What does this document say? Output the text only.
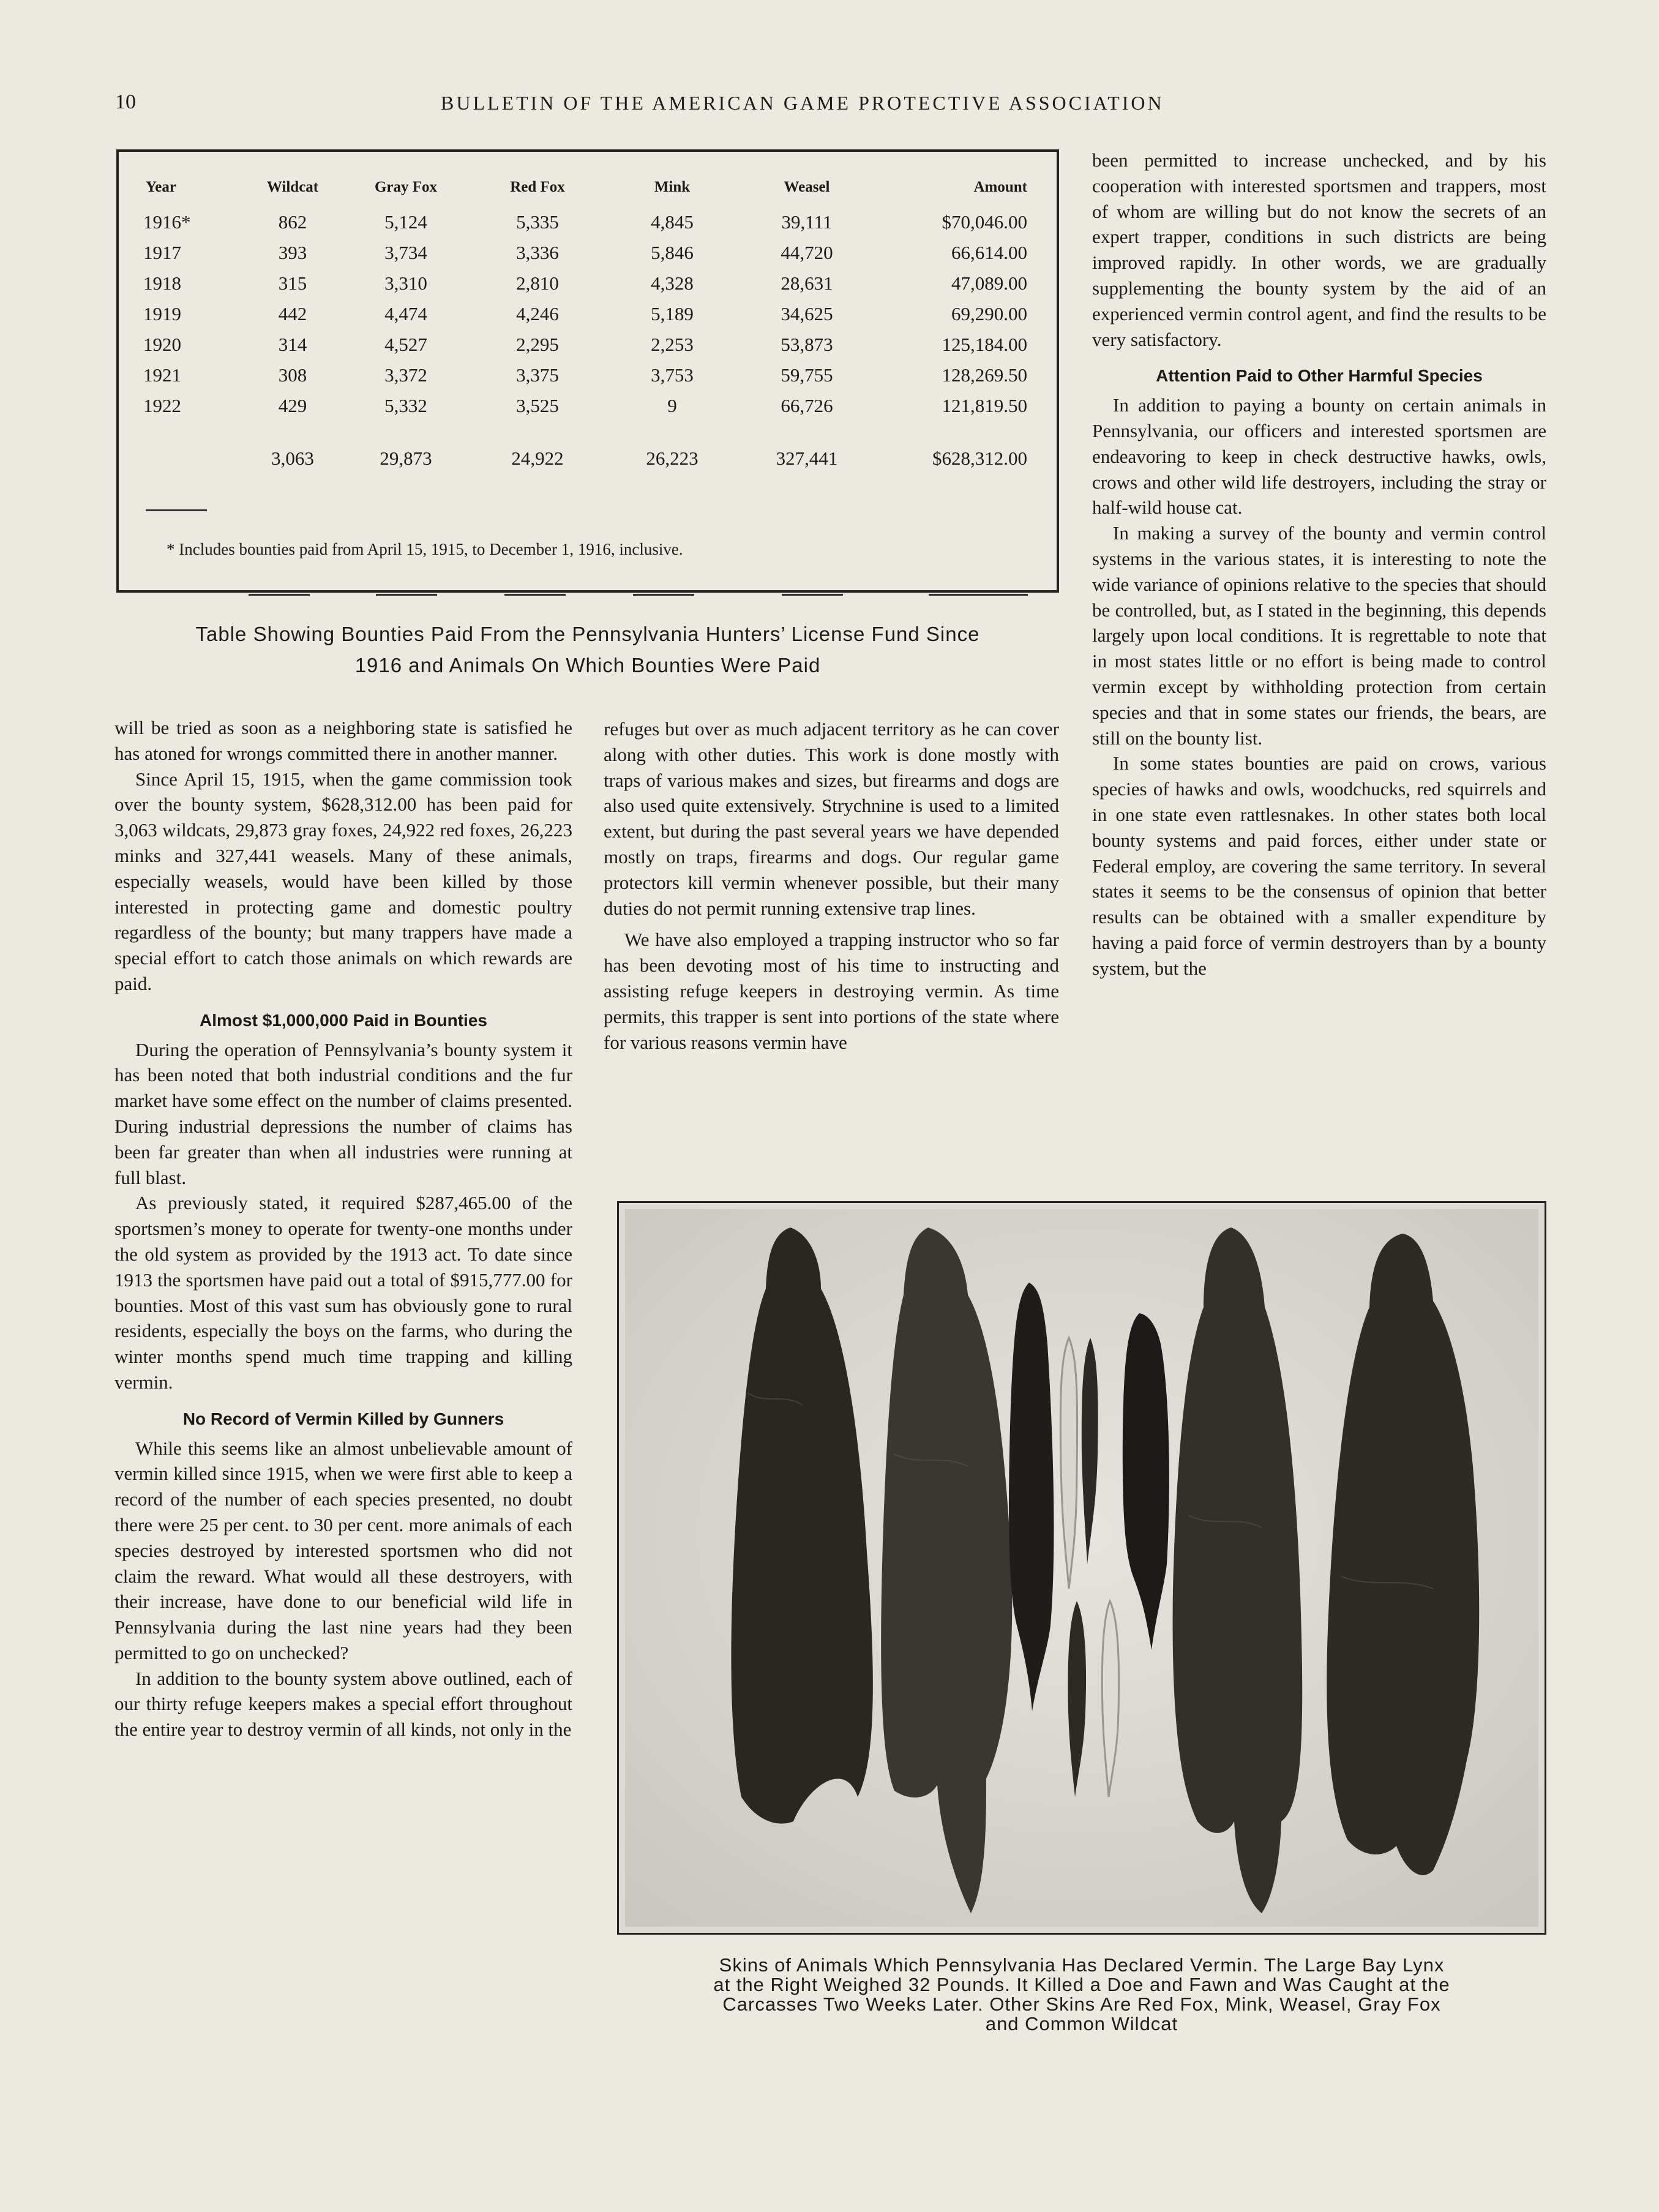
10	BULLETIN OF THE AMERICAN GAME PROTECTIVE ASSOCIATION
Year	Wildcat	Gray Fox	Red Fox	Mink	Weasel	Amount
1916*	862	5,124	5,335	4,845	39,111	$70,046.00
1917	393	3,734	3,336	5,846	44,720	66,614.00
1918	315	3,310	2,810	4,328	28,631	47,089.00
1919	442	4,474	4,246	5,189	34,625	69,290.00
1920	314	4,527	2,295	2,253	53,873	125,184.00
1921	308	3,372	3,375	3,753	59,755	128,269.50
1922	429	5,332	3,525	9	66,726	121,819.50
	3,063	29,873	24,922	26,223	327,441	$628,312.00
* Includes bounties paid from April 15, 1915, to December 1, 1916, inclusive.
Table Showing Bounties Paid From the Pennsylvania Hunters’ License Fund Since
1916 and Animals On Which Bounties Were Paid

will be tried as soon as a neighboring state is satisfied he has atoned for wrongs committed there in another manner.

Since April 15, 1915, when the game commission took over the bounty system, $628,312.00 has been paid for 3,063 wildcats, 29,873 gray foxes, 24,922 red foxes, 26,223 minks and 327,441 weasels. Many of these animals, especially weasels, would have been killed by those interested in protecting game and domestic poultry regardless of the bounty; but many trappers have made a special effort to catch those animals on which rewards are paid.

Almost $1,000,000 Paid in Bounties

During the operation of Pennsylvania’s bounty system it has been noted that both industrial conditions and the fur market have some effect on the number of claims presented. During industrial depressions the number of claims has been far greater than when all industries were running at full blast.

As previously stated, it required $287,465.00 of the sportsmen’s money to operate for twenty-one months under the old system as provided by the 1913 act. To date since 1913 the sportsmen have paid out a total of $915,777.00 for bounties. Most of this vast sum has obviously gone to rural residents, especially the boys on the farms, who during the winter months spend much time trapping and killing vermin.

No Record of Vermin Killed by Gunners

While this seems like an almost unbelievable amount of vermin killed since 1915, when we were first able to keep a record of the number of each species presented, no doubt there were 25 per cent. to 30 per cent. more animals of each species destroyed by interested sportsmen who did not claim the reward. What would all these destroyers, with their increase, have done to our beneficial wild life in Pennsylvania during the last nine years had they been permitted to go on unchecked?

In addition to the bounty system above outlined, each of our thirty refuge keepers makes a special effort throughout the entire year to destroy vermin of all kinds, not only in the

refuges but over as much adjacent territory as he can cover along with other duties. This work is done mostly with traps of various makes and sizes, but firearms and dogs are also used quite extensively. Strychnine is used to a limited extent, but during the past several years we have depended mostly on traps, firearms and dogs. Our regular game protectors kill vermin whenever possible, but their many duties do not permit running extensive trap lines.

We have also employed a trapping instructor who so far has been devoting most of his time to instructing and assisting refuge keepers in destroying vermin. As time permits, this trapper is sent into portions of the state where for various reasons vermin have

been permitted to increase unchecked, and by his cooperation with interested sportsmen and trappers, most of whom are willing but do not know the secrets of an expert trapper, conditions in such districts are being improved rapidly. In other words, we are gradually supplementing the bounty system by the aid of an experienced vermin control agent, and find the results to be very satisfactory.

Attention Paid to Other Harmful Species

In addition to paying a bounty on certain animals in Pennsylvania, our officers and interested sportsmen are endeavoring to keep in check destructive hawks, owls, crows and other wild life destroyers, including the stray or half-wild house cat.

In making a survey of the bounty and vermin control systems in the various states, it is interesting to note the wide variance of opinions relative to the species that should be controlled, but, as I stated in the beginning, this depends largely upon local conditions. It is regrettable to note that in most states little or no effort is being made to control vermin except by withholding protection from certain species and that in some states our friends, the bears, are still on the bounty list.

In some states bounties are paid on crows, various species of hawks and owls, woodchucks, red squirrels and in one state even rattlesnakes. In other states both local bounty systems and paid forces, either under state or Federal employ, are covering the same territory. In several states it seems to be the consensus of opinion that better results can be obtained with a smaller expenditure by having a paid force of vermin destroyers than by a bounty system, but the

Skins of Animals Which Pennsylvania Has Declared Vermin. The Large Bay Lynx
at the Right Weighed 32 Pounds. It Killed a Doe and Fawn and Was Caught at the
Carcasses Two Weeks Later. Other Skins Are Red Fox, Mink, Weasel, Gray Fox
and Common Wildcat
